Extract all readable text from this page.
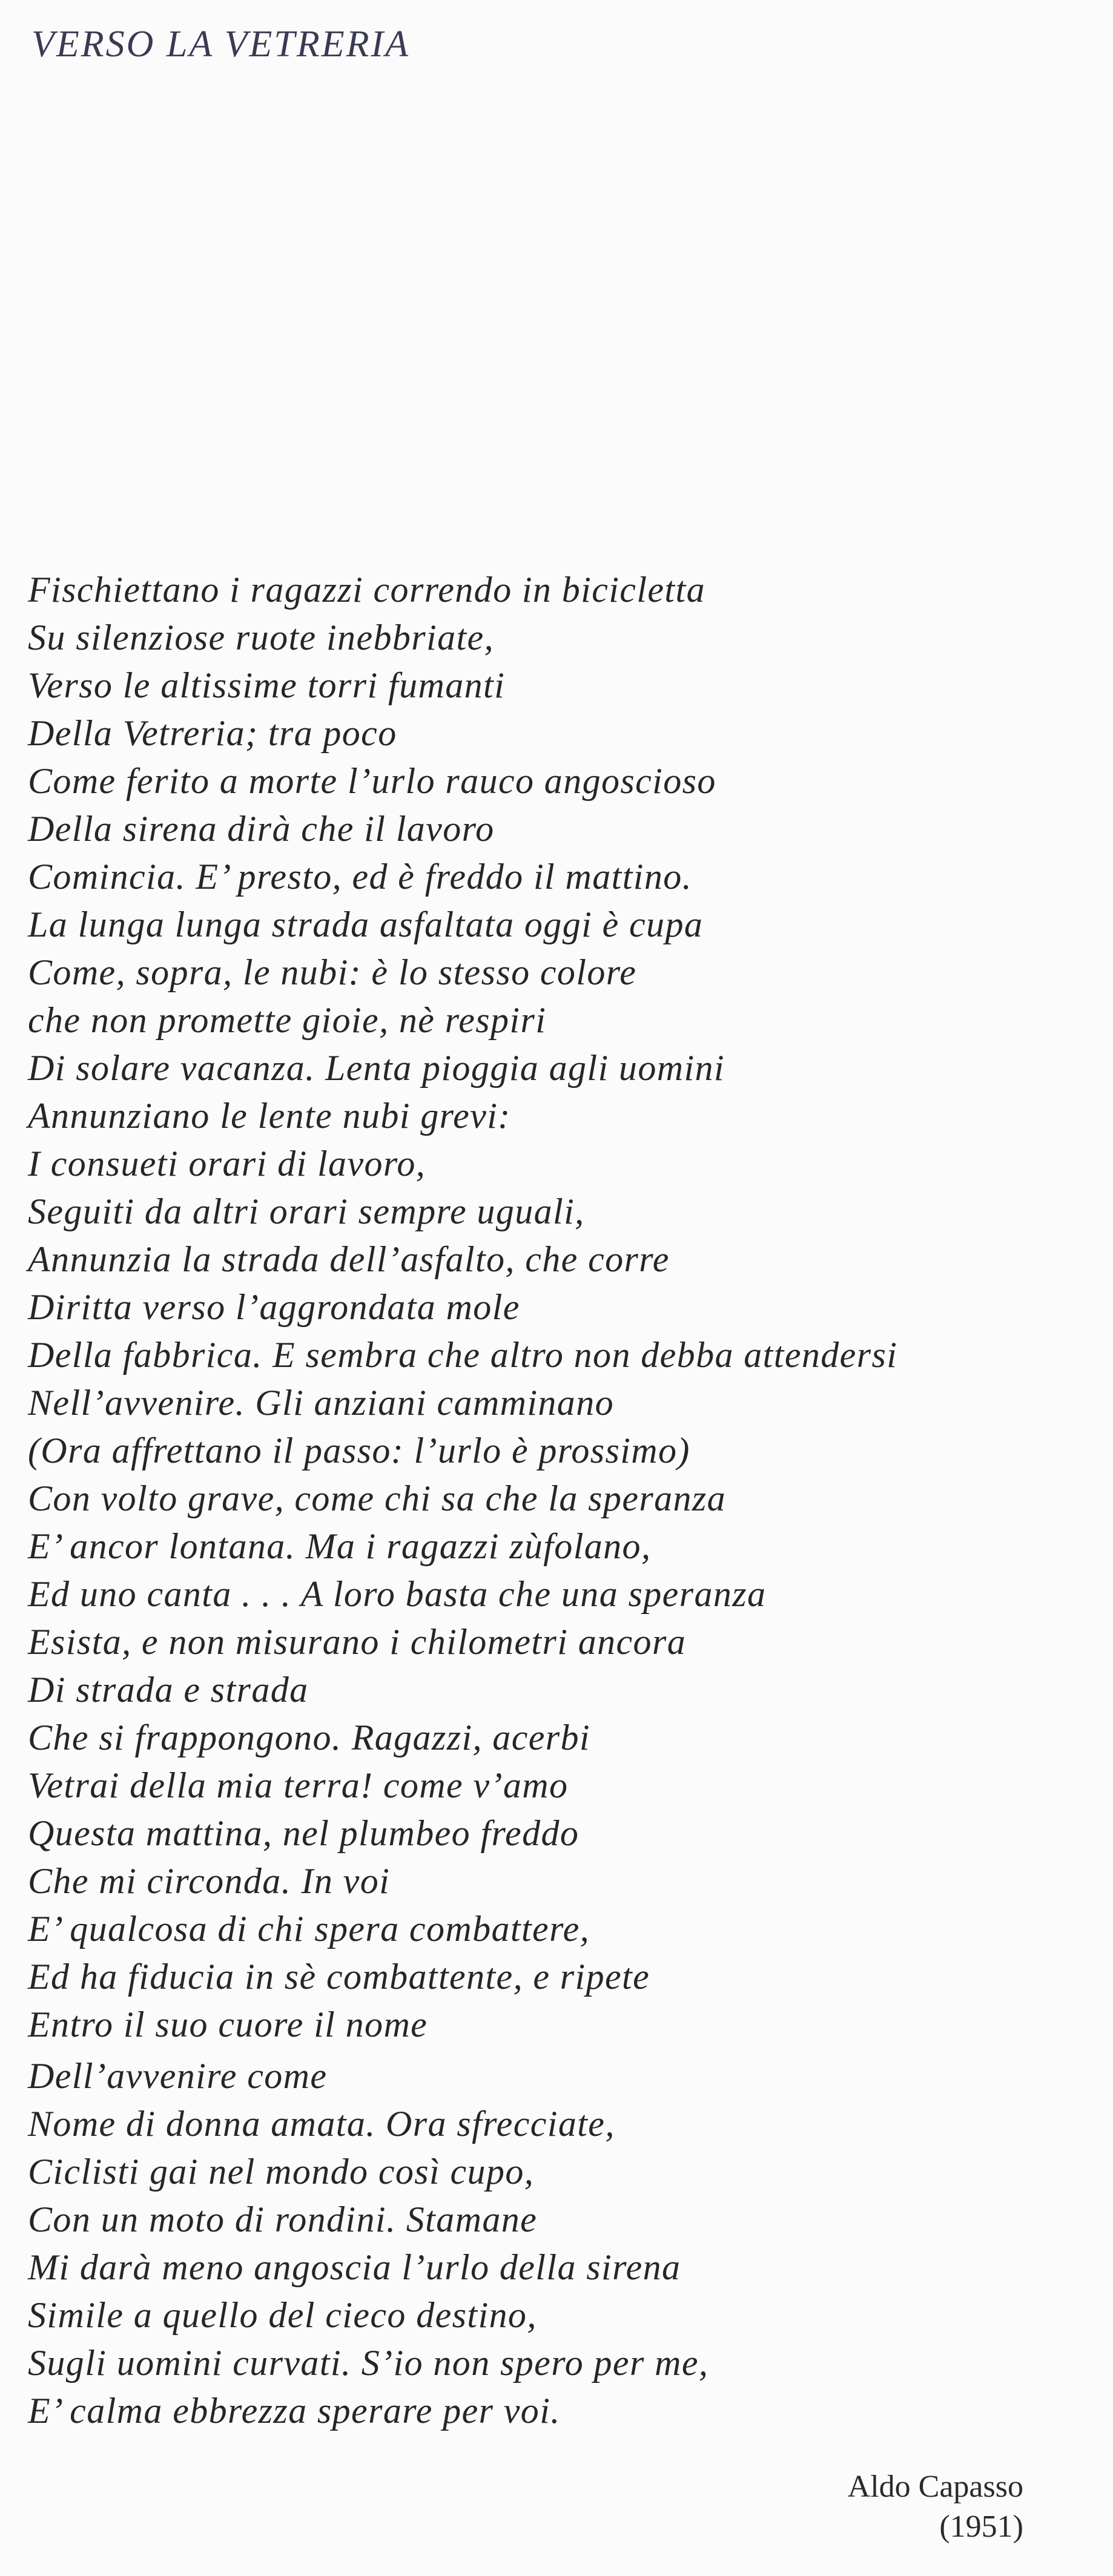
VERSO LA VETRERIA
Fischiettano i ragazzi correndo in bicicletta
Su silenziose ruote inebbriate,
Verso le altissime torri fumanti
Della Vetreria; tra poco
Come ferito a morte l’urlo rauco angoscioso
Della sirena dirà che il lavoro
Comincia. E’ presto, ed è freddo il mattino.
La lunga lunga strada asfaltata oggi è cupa
Come, sopra, le nubi: è lo stesso colore
che non promette gioie, nè respiri
Di solare vacanza. Lenta pioggia agli uomini
Annunziano le lente nubi grevi:
I consueti orari di lavoro,
Seguiti da altri orari sempre uguali,
Annunzia la strada dell’asfalto, che corre
Diritta verso l’aggrondata mole
Della fabbrica. E sembra che altro non debba attendersi
Nell’avvenire. Gli anziani camminano
(Ora affrettano il passo: l’urlo è prossimo)
Con volto grave, come chi sa che la speranza
E’ ancor lontana. Ma i ragazzi zùfolano,
Ed uno canta . . . A loro basta che una speranza
Esista, e non misurano i chilometri ancora
Di strada e strada
Che si frappongono. Ragazzi, acerbi
Vetrai della mia terra! come v’amo
Questa mattina, nel plumbeo freddo
Che mi circonda. In voi
E’ qualcosa di chi spera combattere,
Ed ha fiducia in sè combattente, e ripete
Entro il suo cuore il nome
Dell’avvenire come
Nome di donna amata. Ora sfrecciate,
Ciclisti gai nel mondo così cupo,
Con un moto di rondini. Stamane
Mi darà meno angoscia l’urlo della sirena
Simile a quello del cieco destino,
Sugli uomini curvati. S’io non spero per me,
E’ calma ebbrezza sperare per voi.
Aldo Capasso
(1951)
